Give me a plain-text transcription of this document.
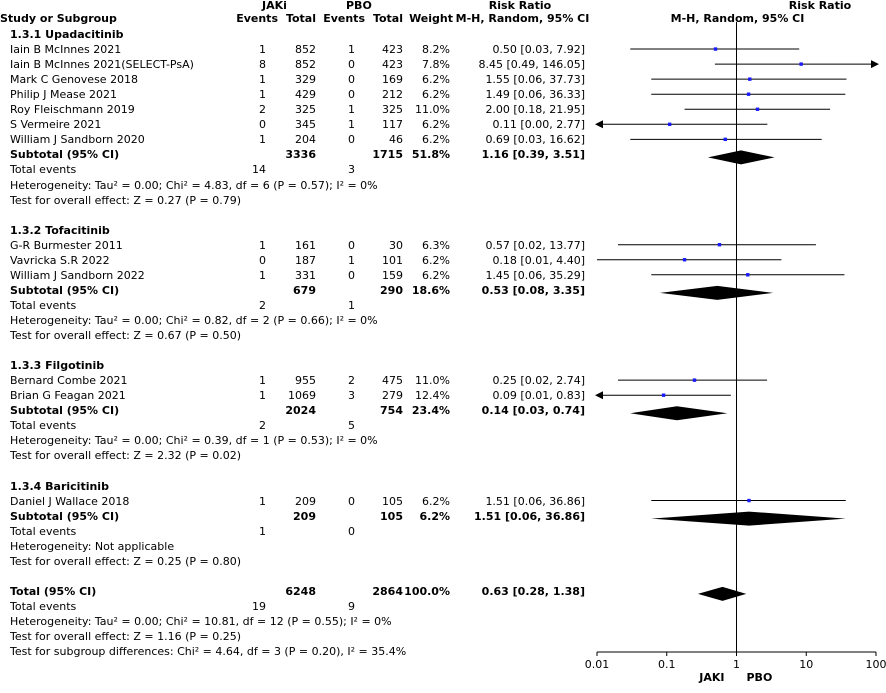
JAKi	PBO	Risk Ratio
Study or Subgroup	Events Total Events Total Weight
Risk Ratio
M-H, Random, 95% CI	M-H, Random, 95% CI
1.3.1 Upadacitinib
Iain B McInnes 2021	1	852	1	423	8.2%	0.50 [0.03, 7.92]
Iain B McInnes 2021(SELECT-PsA)	8	852	0	423	7.8%	8.45 [0.49, 146.05]
Mark C Genovese 2018	1	329	0	169	6.2%	1.55 [0.06, 37.73]
Philip J Mease 2021	1	429	0	212	6.2%	1.49 [0.06, 36.33]
Roy Fleischmann 2019	2	325	1	325	11.0%	2.00 [0.18, 21.95]
S Vermeire 2021	0	345	1	117	6.2%	0.11 [0.00, 2.77]
William J Sandborn 2020	1	204	0	46	6.2%	0.69 [0.03, 16.62]
Subtotal (95% CI)	3336	1715 51.8%	1.16 [0.39, 3.51]
Total events	14	3
Heterogeneity: Tau² = 0.00; Chi² = 4.83, df = 6 (P = 0.57); I² = 0%
Test for overall effect: Z = 0.27 (P = 0.79)
1.3.2 Tofacitinib
G-R Burmester 2011	1	161	0	30	6.3%	0.57 [0.02, 13.77]
Vavricka S.R 2022	0	187	1	101	6.2%	0.18 [0.01, 4.40]
William J Sandborn 2022	1	331	0	159	6.2%	1.45 [0.06, 35.29]
Subtotal (95% CI)	679	290 18.6%	0.53 [0.08, 3.35]
Total events	2	1
Heterogeneity: Tau² = 0.00; Chi² = 0.82, df = 2 (P = 0.66); I² = 0%
Test for overall effect: Z = 0.67 (P = 0.50)
1.3.3 Filgotinib
Bernard Combe 2021	1	955	2	475	11.0%	0.25 [0.02, 2.74]
Brian G Feagan 2021	1	1069	3	279	12.4%	0.09 [0.01, 0.83]
Subtotal (95% CI)	2024	754 23.4%	0.14 [0.03, 0.74]
Total events	2	5
Heterogeneity: Tau² = 0.00; Chi² = 0.39, df = 1 (P = 0.53); I² = 0%
Test for overall effect: Z = 2.32 (P = 0.02)
1.3.4 Baricitinib
Daniel J Wallace 2018	1	209	0	105	6.2%	1.51 [0.06, 36.86]
Subtotal (95% CI)	209	105	6.2%	1.51 [0.06, 36.86]
Total events	1	0
Heterogeneity: Not applicable
Test for overall effect: Z = 0.25 (P = 0.80)
Total (95% CI)	6248	2864 100.0%	0.63 [0.28, 1.38]
Total events	19	9
Heterogeneity: Tau² = 0.00; Chi² = 10.81, df = 12 (P = 0.55); I² = 0%
Test for overall effect: Z = 1.16 (P = 0.25)
Test for subgroup differences: Chi² = 4.64, df = 3 (P = 0.20), I² = 35.4%
0.01	0.1	1	10	100
JAKI PBO
